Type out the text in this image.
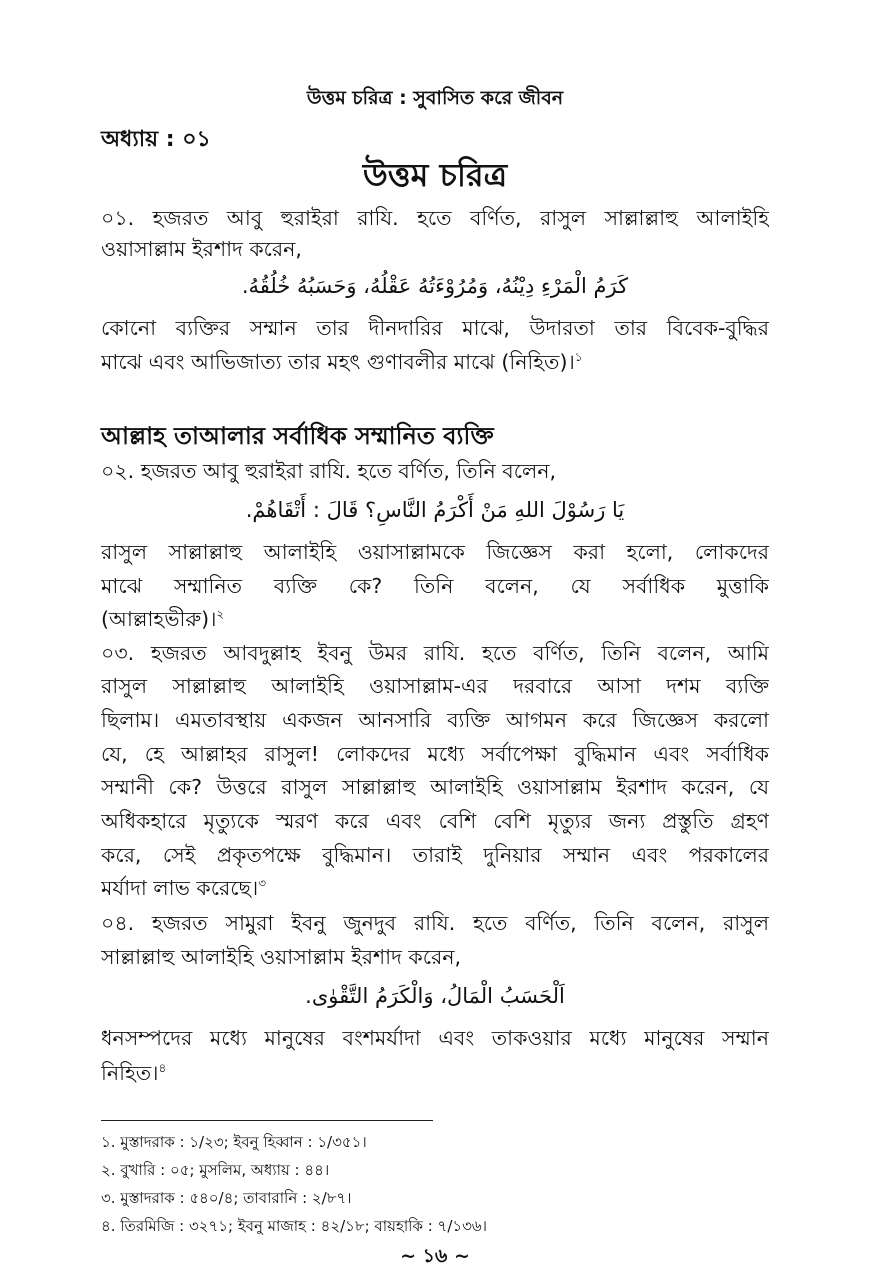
উত্তম চরিত্র : সুবাসিত করে জীবন
অধ্যায় : ০১
উত্তম চরিত্র
০১. হজরত আবু হুরাইরা রাযি. হতে বর্ণিত, রাসুল সাল্লাল্লাহু আলাইহি
ওয়াসাল্লাম ইরশাদ করেন,
كَرَمُ الْمَرْءِ دِيْنُهُ، وَمُرُوْءَتُهُ عَقْلُهُ، وَحَسَبُهُ خُلُقُهُ.
কোনো ব্যক্তির সম্মান তার দীনদারির মাঝে, উদারতা তার বিবেক-বুদ্ধির
মাঝে এবং আভিজাত্য তার মহৎ গুণাবলীর মাঝে (নিহিত)।$^১$
আল্লাহ তাআলার সর্বাধিক সম্মানিত ব্যক্তি
০২. হজরত আবু হুরাইরা রাযি. হতে বর্ণিত, তিনি বলেন,
يَا رَسُوْلَ اللهِ مَنْ أَكْرَمُ النَّاسِ؟ قَالَ : أَتْقَاهُمْ.
রাসুল সাল্লাল্লাহু আলাইহি ওয়াসাল্লামকে জিজ্ঞেস করা হলো, লোকদের
মাঝে সম্মানিত ব্যক্তি কে? তিনি বলেন, যে সর্বাধিক মুত্তাকি
(আল্লাহভীরু)।$^২$
০৩. হজরত আবদুল্লাহ ইবনু উমর রাযি. হতে বর্ণিত, তিনি বলেন, আমি
রাসুল সাল্লাল্লাহু আলাইহি ওয়াসাল্লাম-এর দরবারে আসা দশম ব্যক্তি
ছিলাম। এমতাবস্থায় একজন আনসারি ব্যক্তি আগমন করে জিজ্ঞেস করলো
যে, হে আল্লাহর রাসুল! লোকদের মধ্যে সর্বাপেক্ষা বুদ্ধিমান এবং সর্বাধিক
সম্মানী কে? উত্তরে রাসুল সাল্লাল্লাহু আলাইহি ওয়াসাল্লাম ইরশাদ করেন, যে
অধিকহারে মৃত্যুকে স্মরণ করে এবং বেশি বেশি মৃত্যুর জন্য প্রস্তুতি গ্রহণ
করে, সেই প্রকৃতপক্ষে বুদ্ধিমান। তারাই দুনিয়ার সম্মান এবং পরকালের
মর্যাদা লাভ করেছে।$^৩$
০৪. হজরত সামুরা ইবনু জুনদুব রাযি. হতে বর্ণিত, তিনি বলেন, রাসুল
সাল্লাল্লাহু আলাইহি ওয়াসাল্লাম ইরশাদ করেন,
اَلْحَسَبُ الْمَالُ، وَالْكَرَمُ التَّقْوٰى.
ধনসম্পদের মধ্যে মানুষের বংশমর্যাদা এবং তাকওয়ার মধ্যে মানুষের সম্মান
নিহিত।$^৪$
১. মুস্তাদরাক : ১/২৩; ইবনু হিব্বান : ১/৩৫১।
২. বুখারি : ০৫; মুসলিম, অধ্যায় : ৪৪।
৩. মুস্তাদরাক : ৫৪০/৪; তাবারানি : ২/৮৭।
৪. তিরমিজি : ৩২৭১; ইবনু মাজাহ : ৪২/১৮; বায়হাকি : ৭/১৩৬।
~ ১৬ ~
